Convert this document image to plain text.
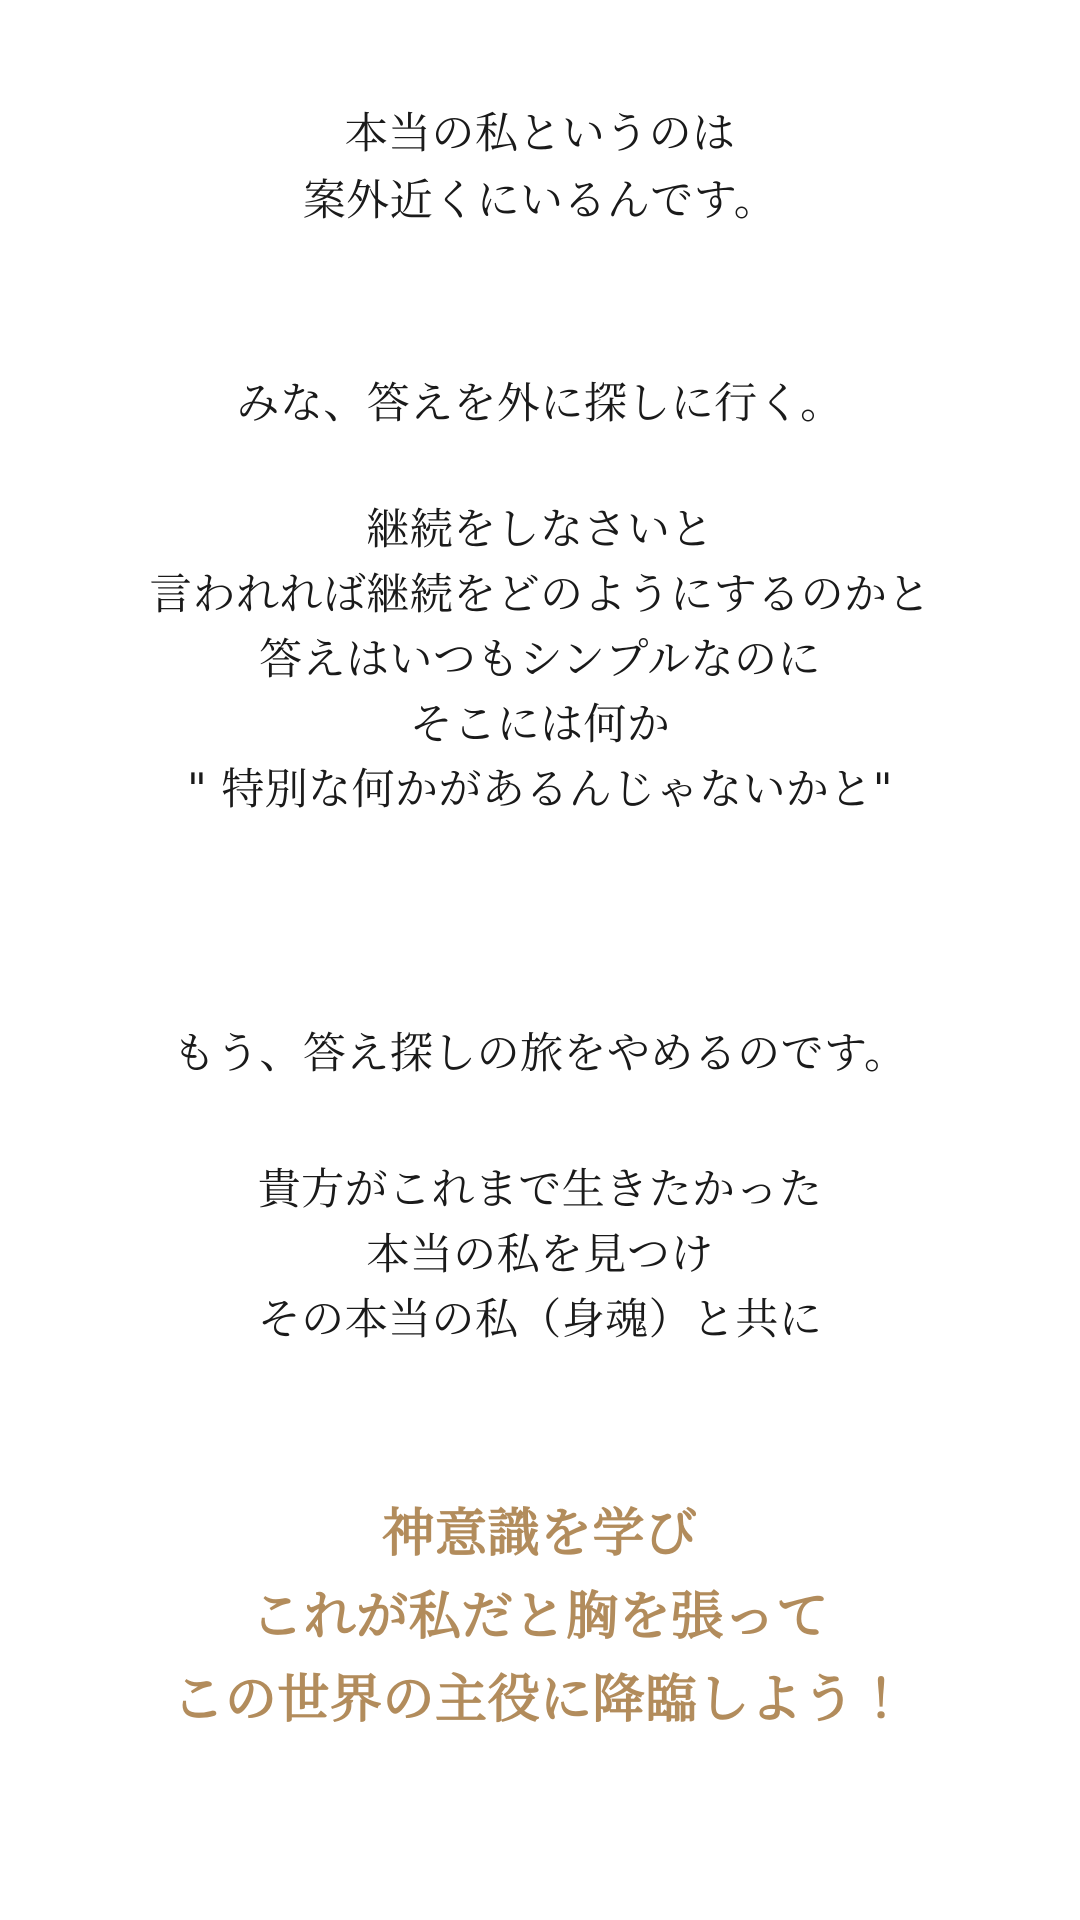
本当の私というのは

案外近くにいるんです。

みな、答えを外に探しに行く。

継続をしなさいと

言われれば継続をどのようにするのかと

答えはいつもシンプルなのに

そこには何か

" 特別な何かがあるんじゃないかと"

もう、答え探しの旅をやめるのです。

貴方がこれまで生きたかった

本当の私を見つけ

その本当の私（身魂）と共に

神意識を学び

これが私だと胸を張って

この世界の主役に降臨しよう！
